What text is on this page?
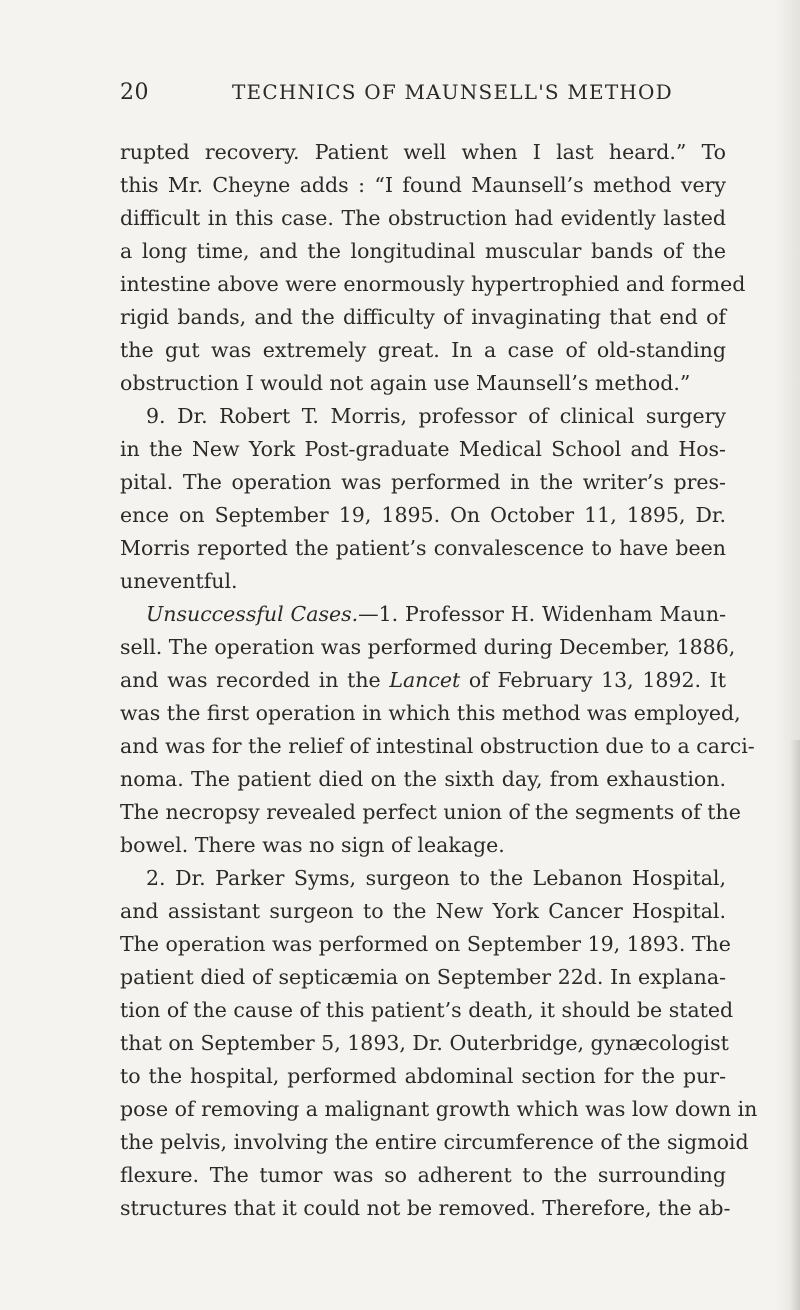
20	TECHNICS OF MAUNSELL'S METHOD
rupted recovery. Patient well when I last heard.” To
this Mr. Cheyne adds : “I found Maunsell’s method very
difficult in this case. The obstruction had evidently lasted
a long time, and the longitudinal muscular bands of the
intestine above were enormously hypertrophied and formed
rigid bands, and the difficulty of invaginating that end of
the gut was extremely great. In a case of old-standing
obstruction I would not again use Maunsell’s method.”
9. Dr. Robert T. Morris, professor of clinical surgery
in the New York Post-graduate Medical School and Hos-
pital. The operation was performed in the writer’s pres-
ence on September 19, 1895. On October 11, 1895, Dr.
Morris reported the patient’s convalescence to have been
uneventful.
Unsuccessful Cases.—1. Professor H. Widenham Maun-
sell. The operation was performed during December, 1886,
and was recorded in the Lancet of February 13, 1892. It
was the first operation in which this method was employed,
and was for the relief of intestinal obstruction due to a carci-
noma. The patient died on the sixth day, from exhaustion.
The necropsy revealed perfect union of the segments of the
bowel. There was no sign of leakage.
2. Dr. Parker Syms, surgeon to the Lebanon Hospital,
and assistant surgeon to the New York Cancer Hospital.
The operation was performed on September 19, 1893. The
patient died of septicæmia on September 22d. In explana-
tion of the cause of this patient’s death, it should be stated
that on September 5, 1893, Dr. Outerbridge, gynæcologist
to the hospital, performed abdominal section for the pur-
pose of removing a malignant growth which was low down in
the pelvis, involving the entire circumference of the sigmoid
flexure. The tumor was so adherent to the surrounding
structures that it could not be removed. Therefore, the ab-
